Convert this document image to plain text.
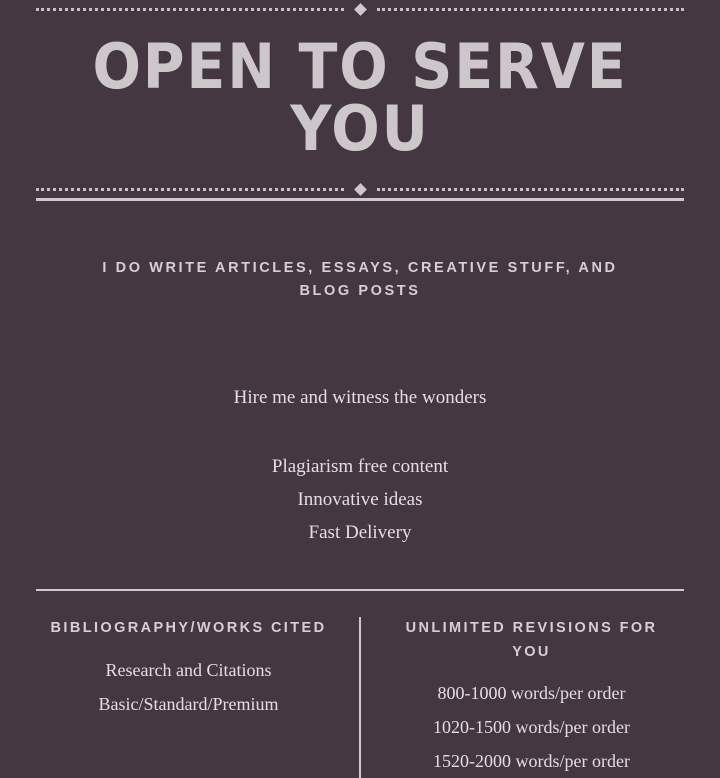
OPEN TO SERVE YOU
I DO WRITE ARTICLES, ESSAYS, CREATIVE STUFF, AND BLOG POSTS
Hire me and witness the wonders
Plagiarism free content
Innovative ideas
Fast Delivery
BIBLIOGRAPHY/WORKS CITED
Research and Citations
Basic/Standard/Premium
UNLIMITED REVISIONS FOR YOU
800-1000 words/per order
1020-1500 words/per order
1520-2000 words/per order
